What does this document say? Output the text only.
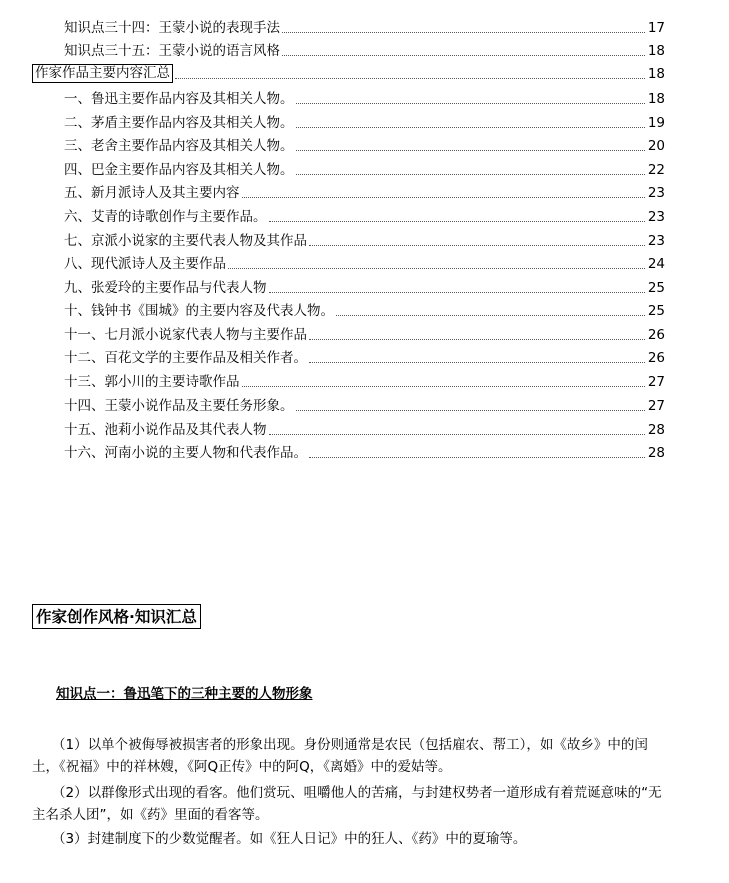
知识点三十四：王蒙小说的表现手法	17
知识点三十五：王蒙小说的语言风格	18
作家作品主要内容汇总	18
一、鲁迅主要作品内容及其相关人物。	18
二、茅盾主要作品内容及其相关人物。	19
三、老舍主要作品内容及其相关人物。	20
四、巴金主要作品内容及其相关人物。	22
五、新月派诗人及其主要内容	23
六、艾青的诗歌创作与主要作品。	23
七、京派小说家的主要代表人物及其作品	23
八、现代派诗人及主要作品	24
九、张爱玲的主要作品与代表人物	25
十、钱钟书《围城》的主要内容及代表人物。	25
十一、七月派小说家代表人物与主要作品	26
十二、百花文学的主要作品及相关作者。	26
十三、郭小川的主要诗歌作品	27
十四、王蒙小说作品及主要任务形象。	27
十五、池莉小说作品及其代表人物	28
十六、河南小说的主要人物和代表作品。	28
作家创作风格·知识汇总
知识点一：鲁迅笔下的三种主要的人物形象
（1）以单个被侮辱被损害者的形象出现。身份则通常是农民（包括雇农、帮工），如《故乡》中的闰土，《祝福》中的祥林嫂，《阿Q正传》中的阿Q，《离婚》中的爱姑等。
（2）以群像形式出现的看客。他们赏玩、咀嚼他人的苦痛，与封建权势者一道形成有着荒诞意味的“无主名杀人团”，如《药》里面的看客等。
（3）封建制度下的少数觉醒者。如《狂人日记》中的狂人、《药》中的夏瑜等。
